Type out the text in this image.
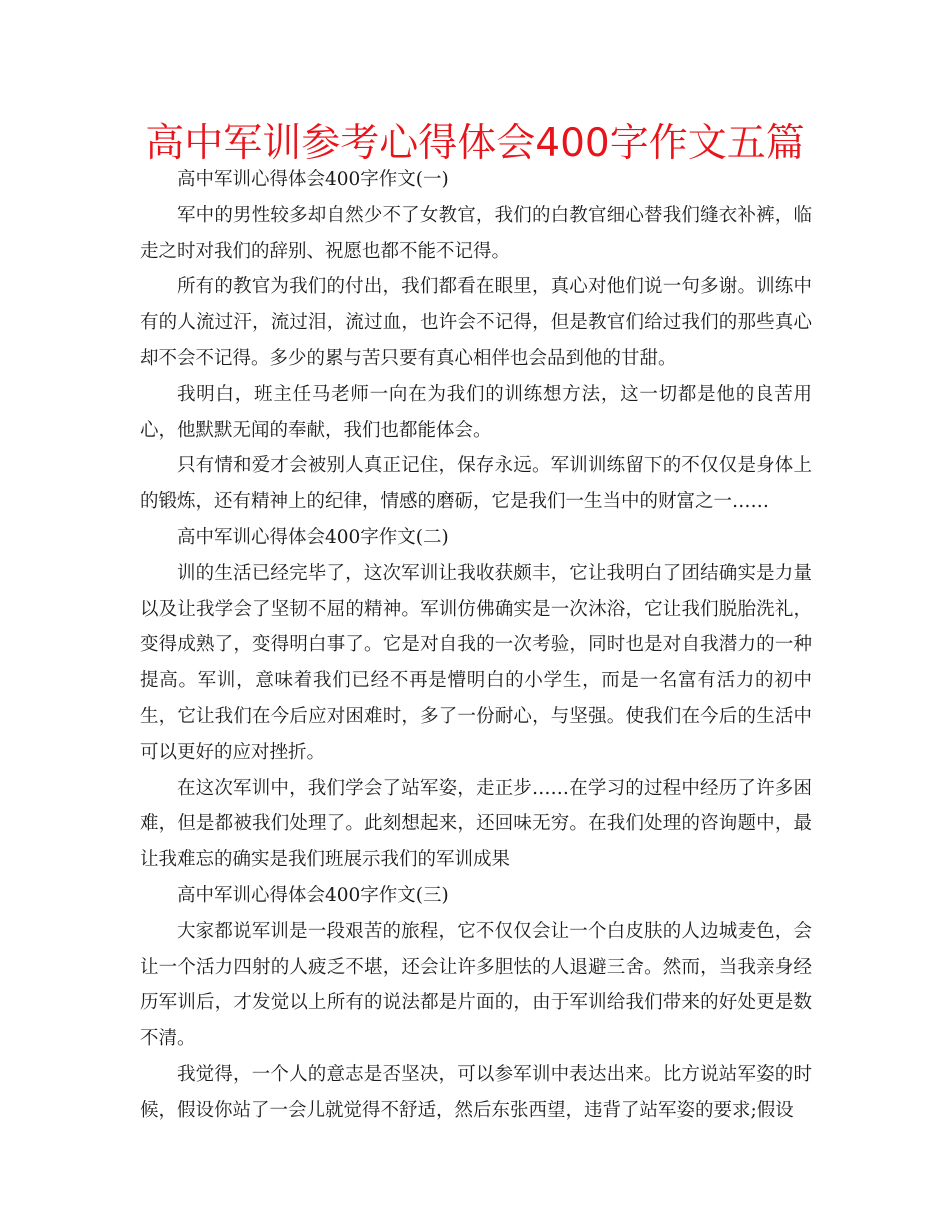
高中军训参考心得体会400字作文五篇

高中军训心得体会400字作文(一)

军中的男性较多却自然少不了女教官，我们的白教官细心替我们缝衣补裤，临走之时对我们的辞别、祝愿也都不能不记得。

所有的教官为我们的付出，我们都看在眼里，真心对他们说一句多谢。训练中有的人流过汗，流过泪，流过血，也许会不记得，但是教官们给过我们的那些真心却不会不记得。多少的累与苦只要有真心相伴也会品到他的甘甜。

我明白，班主任马老师一向在为我们的训练想方法，这一切都是他的良苦用心，他默默无闻的奉献，我们也都能体会。

只有情和爱才会被别人真正记住，保存永远。军训训练留下的不仅仅是身体上的锻炼，还有精神上的纪律，情感的磨砺，它是我们一生当中的财富之一……

高中军训心得体会400字作文(二)

训的生活已经完毕了，这次军训让我收获颇丰，它让我明白了团结确实是力量以及让我学会了坚韧不屈的精神。军训仿佛确实是一次沐浴，它让我们脱胎洗礼，变得成熟了，变得明白事了。它是对自我的一次考验，同时也是对自我潜力的一种提高。军训，意味着我们已经不再是懵明白的小学生，而是一名富有活力的初中生，它让我们在今后应对困难时，多了一份耐心，与坚强。使我们在今后的生活中可以更好的应对挫折。

在这次军训中，我们学会了站军姿，走正步……在学习的过程中经历了许多困难，但是都被我们处理了。此刻想起来，还回味无穷。在我们处理的咨询题中，最让我难忘的确实是我们班展示我们的军训成果

高中军训心得体会400字作文(三)

大家都说军训是一段艰苦的旅程，它不仅仅会让一个白皮肤的人边城麦色，会让一个活力四射的人疲乏不堪，还会让许多胆怯的人退避三舍。然而，当我亲身经历军训后，才发觉以上所有的说法都是片面的，由于军训给我们带来的好处更是数不清。

我觉得，一个人的意志是否坚决，可以参军训中表达出来。比方说站军姿的时候，假设你站了一会儿就觉得不舒适，然后东张西望，违背了站军姿的要求;假设
